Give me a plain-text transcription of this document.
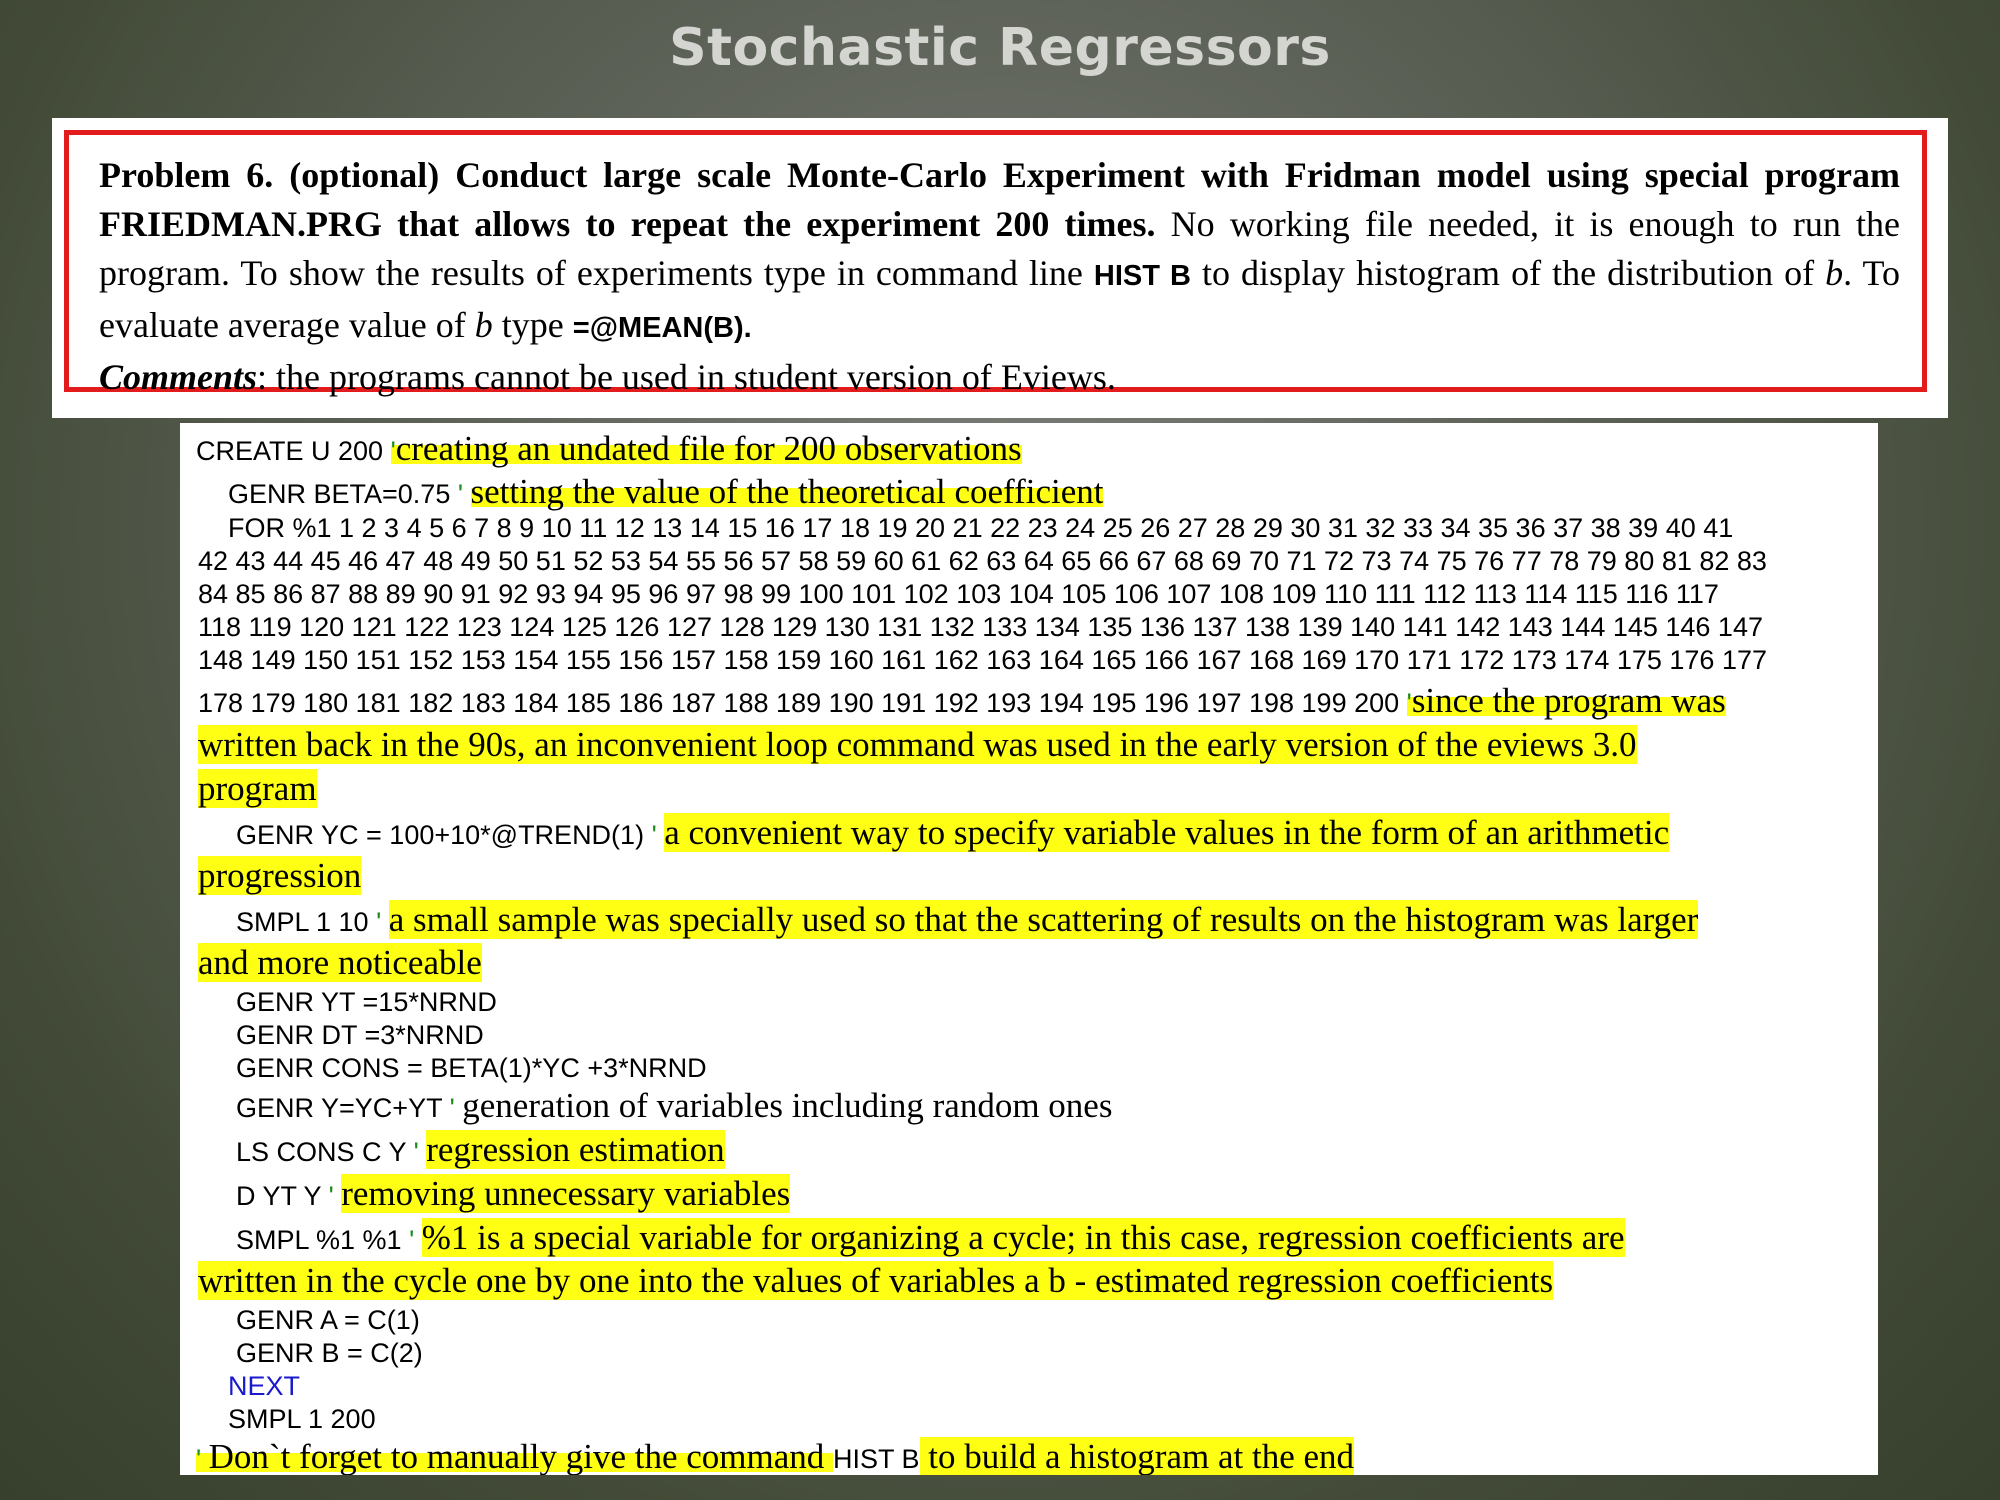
Stochastic Regressors
Problem 6. (optional) Conduct large scale Monte-Carlo Experiment with Fridman model using special program FRIEDMAN.PRG that allows to repeat the experiment 200 times. No working file needed, it is enough to run the program. To show the results of experiments type in command line HIST B to display histogram of the distribution of b. To evaluate average value of b type =@MEAN(B).
Comments: the programs cannot be used in student version of Eviews.
CREATE U 200 'creating an undated file for 200 observations
GENR BETA=0.75 ' setting the value of the theoretical coefficient
FOR %1 1 2 3 4 5 6 7 8 9 10 11 12 13 14 15 16 17 18 19 20 21 22 23 24 25 26 27 28 29 30 31 32 33 34 35 36 37 38 39 40 41
42 43 44 45 46 47 48 49 50 51 52 53 54 55 56 57 58 59 60 61 62 63 64 65 66 67 68 69 70 71 72 73 74 75 76 77 78 79 80 81 82 83
84 85 86 87 88 89 90 91 92 93 94 95 96 97 98 99 100 101 102 103 104 105 106 107 108 109 110 111 112 113 114 115 116 117
118 119 120 121 122 123 124 125 126 127 128 129 130 131 132 133 134 135 136 137 138 139 140 141 142 143 144 145 146 147
148 149 150 151 152 153 154 155 156 157 158 159 160 161 162 163 164 165 166 167 168 169 170 171 172 173 174 175 176 177
178 179 180 181 182 183 184 185 186 187 188 189 190 191 192 193 194 195 196 197 198 199 200 'since the program was
written back in the 90s, an inconvenient loop command was used in the early version of the eviews 3.0
program
GENR YC = 100+10*@TREND(1) ' a convenient way to specify variable values in the form of an arithmetic
progression
SMPL 1 10 ' a small sample was specially used so that the scattering of results on the histogram was larger
and more noticeable
GENR YT =15*NRND
GENR DT =3*NRND
GENR CONS = BETA(1)*YC +3*NRND
GENR Y=YC+YT ' generation of variables including random ones
LS CONS C Y ' regression estimation
D YT Y ' removing unnecessary variables
SMPL %1 %1 ' %1 is a special variable for organizing a cycle; in this case, regression coefficients are
written in the cycle one by one into the values of variables a b - estimated regression coefficients
GENR A = C(1)
GENR B = C(2)
NEXT
SMPL 1 200
' Don`t forget to manually give the command HIST B to build a histogram at the end
